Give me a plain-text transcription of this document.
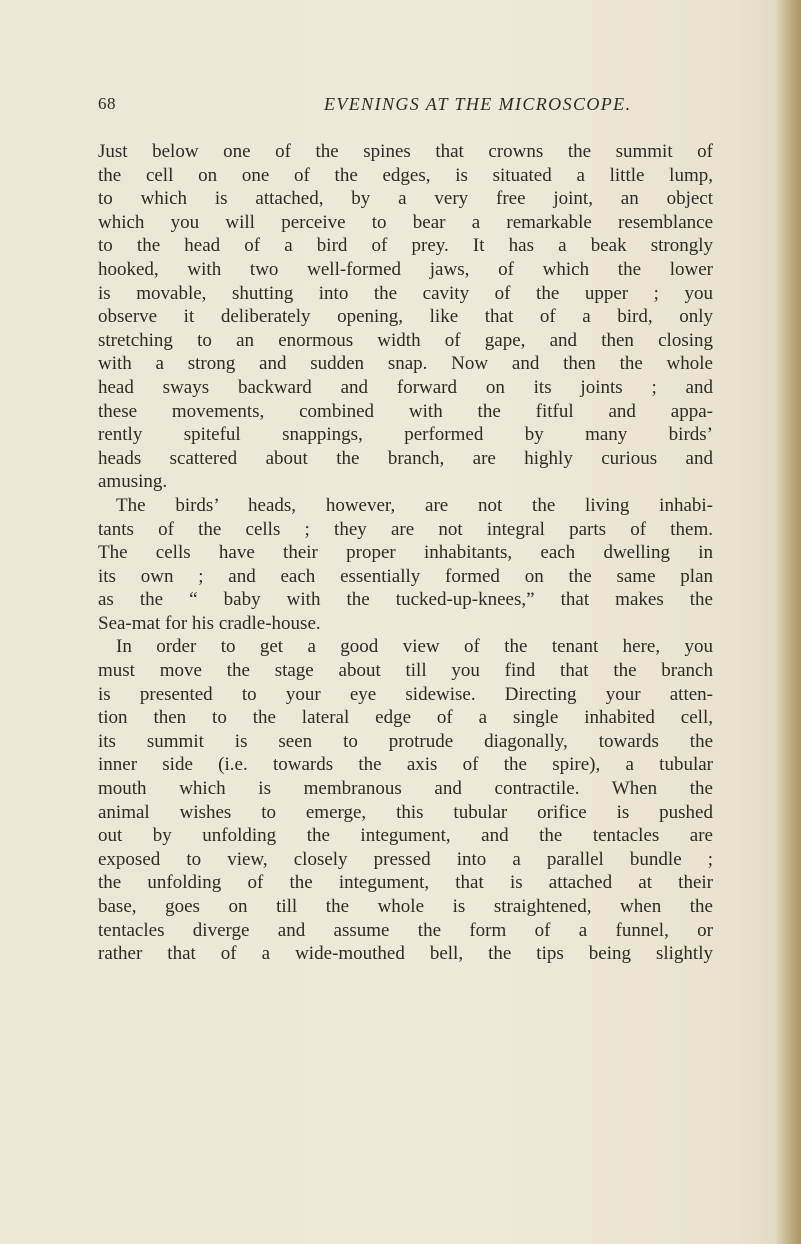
68	EVENINGS AT THE MICROSCOPE.
Just below one of the spines that crowns the summit of
the cell on one of the edges, is situated a little lump,
to which is attached, by a very free joint, an object
which you will perceive to bear a remarkable resemblance
to the head of a bird of prey. It has a beak strongly
hooked, with two well-formed jaws, of which the lower
is movable, shutting into the cavity of the upper ; you
observe it deliberately opening, like that of a bird, only
stretching to an enormous width of gape, and then closing
with a strong and sudden snap. Now and then the whole
head sways backward and forward on its joints ; and
these movements, combined with the fitful and appa-
rently spiteful snappings, performed by many birds’
heads scattered about the branch, are highly curious and
amusing.
The birds’ heads, however, are not the living inhabi-
tants of the cells ; they are not integral parts of them.
The cells have their proper inhabitants, each dwelling in
its own ; and each essentially formed on the same plan
as the “ baby with the tucked-up-knees,” that makes the
Sea-mat for his cradle-house.
In order to get a good view of the tenant here, you
must move the stage about till you find that the branch
is presented to your eye sidewise. Directing your atten-
tion then to the lateral edge of a single inhabited cell,
its summit is seen to protrude diagonally, towards the
inner side (i.e. towards the axis of the spire), a tubular
mouth which is membranous and contractile. When the
animal wishes to emerge, this tubular orifice is pushed
out by unfolding the integument, and the tentacles are
exposed to view, closely pressed into a parallel bundle ;
the unfolding of the integument, that is attached at their
base, goes on till the whole is straightened, when the
tentacles diverge and assume the form of a funnel, or
rather that of a wide-mouthed bell, the tips being slightly
